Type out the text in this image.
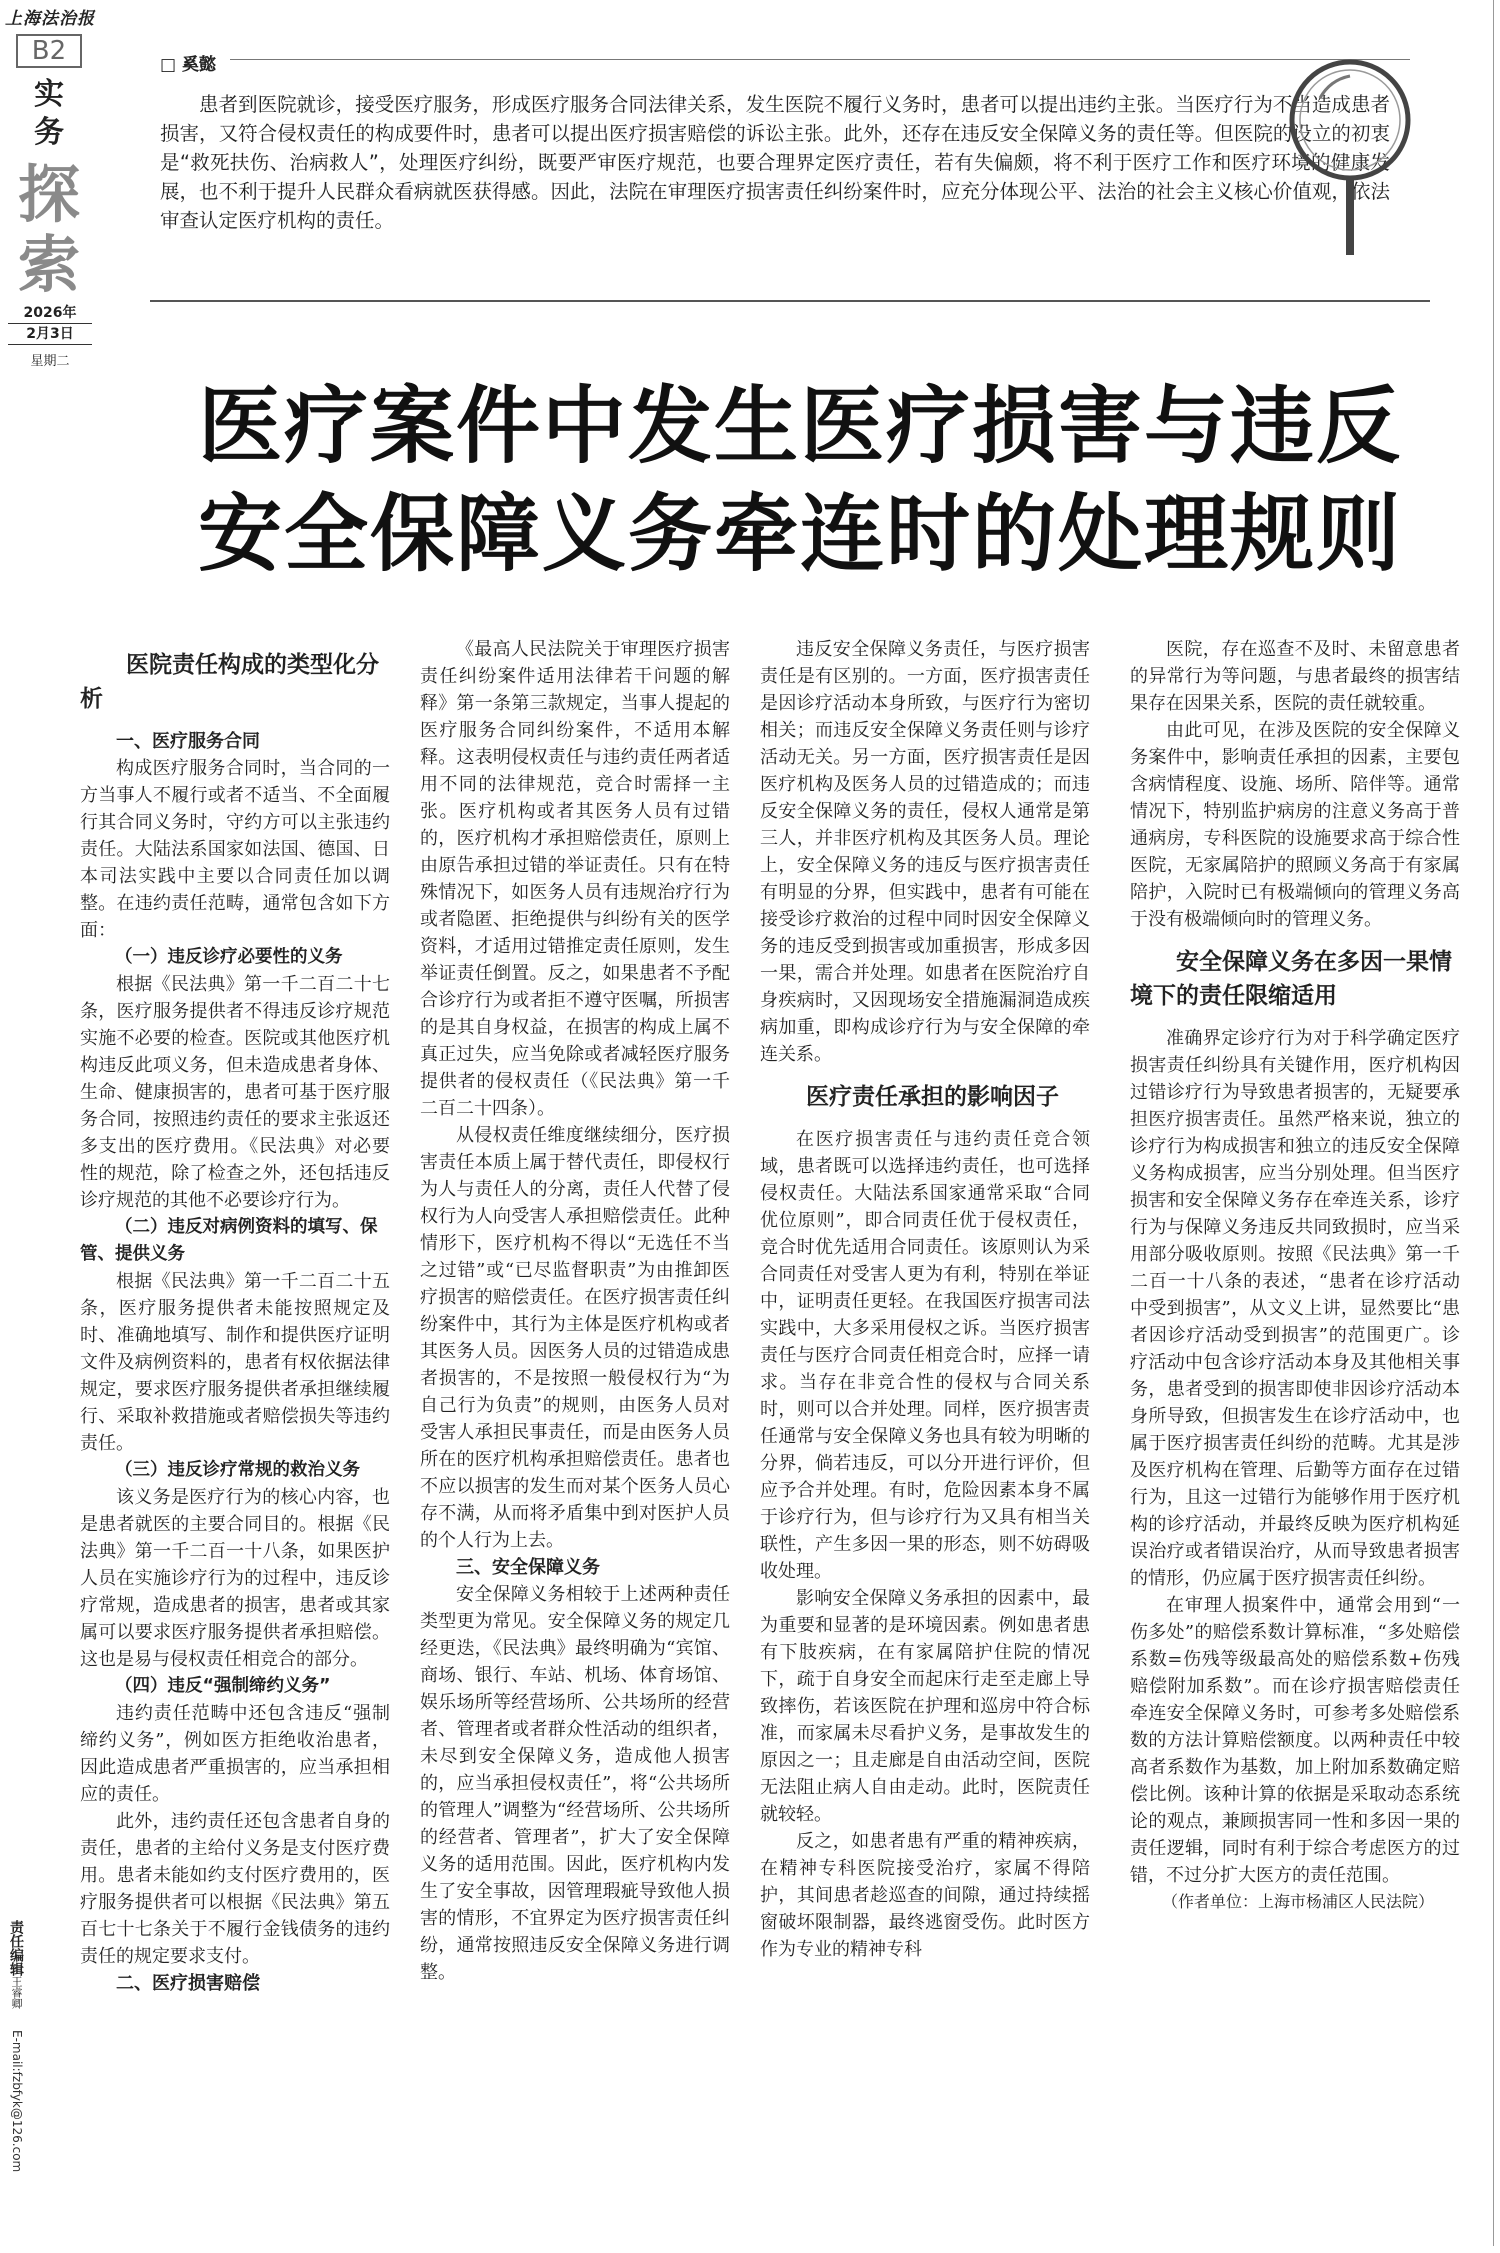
上海法治报
B2
实务
探索
2026年
2月3日
星期二
责任编辑王睿卿
E-mail:fzbfyk@126.com
□ 奚懿
患者到医院就诊，接受医疗服务，形成医疗服务合同法律关系，发生医院不履行义务时，患者可以提出违约主张。当医疗行为不当造成患者损害，又符合侵权责任的构成要件时，患者可以提出医疗损害赔偿的诉讼主张。此外，还存在违反安全保障义务的责任等。但医院的设立的初衷是“救死扶伤、治病救人”，处理医疗纠纷，既要严审医疗规范，也要合理界定医疗责任，若有失偏颇，将不利于医疗工作和医疗环境的健康发展，也不利于提升人民群众看病就医获得感。因此，法院在审理医疗损害责任纠纷案件时，应充分体现公平、法治的社会主义核心价值观，依法审查认定医疗机构的责任。
医疗案件中发生医疗损害与违反
安全保障义务牵连时的处理规则
医院责任构成的类型化分析
一、医疗服务合同

构成医疗服务合同时，当合同的一方当事人不履行或者不适当、不全面履行其合同义务时，守约方可以主张违约责任。大陆法系国家如法国、德国、日本司法实践中主要以合同责任加以调整。在违约责任范畴，通常包含如下方面：

（一）违反诊疗必要性的义务

根据《民法典》第一千二百二十七条，医疗服务提供者不得违反诊疗规范实施不必要的检查。医院或其他医疗机构违反此项义务，但未造成患者身体、生命、健康损害的，患者可基于医疗服务合同，按照违约责任的要求主张返还多支出的医疗费用。《民法典》对必要性的规范，除了检查之外，还包括违反诊疗规范的其他不必要诊疗行为。

（二）违反对病例资料的填写、保管、提供义务

根据《民法典》第一千二百二十五条，医疗服务提供者未能按照规定及时、准确地填写、制作和提供医疗证明文件及病例资料的，患者有权依据法律规定，要求医疗服务提供者承担继续履行、采取补救措施或者赔偿损失等违约责任。

（三）违反诊疗常规的救治义务

该义务是医疗行为的核心内容，也是患者就医的主要合同目的。根据《民法典》第一千二百一十八条，如果医护人员在实施诊疗行为的过程中，违反诊疗常规，造成患者的损害，患者或其家属可以要求医疗服务提供者承担赔偿。这也是易与侵权责任相竞合的部分。

（四）违反“强制缔约义务”

违约责任范畴中还包含违反“强制缔约义务”，例如医方拒绝收治患者，因此造成患者严重损害的，应当承担相应的责任。

此外，违约责任还包含患者自身的责任，患者的主给付义务是支付医疗费用。患者未能如约支付医疗费用的，医疗服务提供者可以根据《民法典》第五百七十七条关于不履行金钱债务的违约责任的规定要求支付。

二、医疗损害赔偿

《最高人民法院关于审理医疗损害责任纠纷案件适用法律若干问题的解释》第一条第三款规定，当事人提起的医疗服务合同纠纷案件，不适用本解释。这表明侵权责任与违约责任两者适用不同的法律规范，竞合时需择一主张。医疗机构或者其医务人员有过错的，医疗机构才承担赔偿责任，原则上由原告承担过错的举证责任。只有在特殊情况下，如医务人员有违规治疗行为或者隐匿、拒绝提供与纠纷有关的医学资料，才适用过错推定责任原则，发生举证责任倒置。反之，如果患者不予配合诊疗行为或者拒不遵守医嘱，所损害的是其自身权益，在损害的构成上属不真正过失，应当免除或者减轻医疗服务提供者的侵权责任（《民法典》第一千二百二十四条）。

从侵权责任维度继续细分，医疗损害责任本质上属于替代责任，即侵权行为人与责任人的分离，责任人代替了侵权行为人向受害人承担赔偿责任。此种情形下，医疗机构不得以“无选任不当之过错”或“已尽监督职责”为由推卸医疗损害的赔偿责任。在医疗损害责任纠纷案件中，其行为主体是医疗机构或者其医务人员。因医务人员的过错造成患者损害的，不是按照一般侵权行为“为自己行为负责”的规则，由医务人员对受害人承担民事责任，而是由医务人员所在的医疗机构承担赔偿责任。患者也不应以损害的发生而对某个医务人员心存不满，从而将矛盾集中到对医护人员的个人行为上去。

三、安全保障义务

安全保障义务相较于上述两种责任类型更为常见。安全保障义务的规定几经更迭，《民法典》最终明确为“宾馆、商场、银行、车站、机场、体育场馆、娱乐场所等经营场所、公共场所的经营者、管理者或者群众性活动的组织者，未尽到安全保障义务，造成他人损害的，应当承担侵权责任”，将“公共场所的管理人”调整为“经营场所、公共场所的经营者、管理者”，扩大了安全保障义务的适用范围。因此，医疗机构内发生了安全事故，因管理瑕疵导致他人损害的情形，不宜界定为医疗损害责任纠纷，通常按照违反安全保障义务进行调整。

违反安全保障义务责任，与医疗损害责任是有区别的。一方面，医疗损害责任是因诊疗活动本身所致，与医疗行为密切相关；而违反安全保障义务责任则与诊疗活动无关。另一方面，医疗损害责任是因医疗机构及医务人员的过错造成的；而违反安全保障义务的责任，侵权人通常是第三人，并非医疗机构及其医务人员。理论上，安全保障义务的违反与医疗损害责任有明显的分界，但实践中，患者有可能在接受诊疗救治的过程中同时因安全保障义务的违反受到损害或加重损害，形成多因一果，需合并处理。如患者在医院治疗自身疾病时，又因现场安全措施漏洞造成疾病加重，即构成诊疗行为与安全保障的牵连关系。

医疗责任承担的影响因子

在医疗损害责任与违约责任竞合领域，患者既可以选择违约责任，也可选择侵权责任。大陆法系国家通常采取“合同优位原则”，即合同责任优于侵权责任，竞合时优先适用合同责任。该原则认为采合同责任对受害人更为有利，特别在举证中，证明责任更轻。在我国医疗损害司法实践中，大多采用侵权之诉。当医疗损害责任与医疗合同责任相竞合时，应择一请求。当存在非竞合性的侵权与合同关系时，则可以合并处理。同样，医疗损害责任通常与安全保障义务也具有较为明晰的分界，倘若违反，可以分开进行评价，但应予合并处理。有时，危险因素本身不属于诊疗行为，但与诊疗行为又具有相当关联性，产生多因一果的形态，则不妨碍吸收处理。

影响安全保障义务承担的因素中，最为重要和显著的是环境因素。例如患者患有下肢疾病，在有家属陪护住院的情况下，疏于自身安全而起床行走至走廊上导致摔伤，若该医院在护理和巡房中符合标准，而家属未尽看护义务，是事故发生的原因之一；且走廊是自由活动空间，医院无法阻止病人自由走动。此时，医院责任就较轻。

反之，如患者患有严重的精神疾病，在精神专科医院接受治疗，家属不得陪护，其间患者趁巡查的间隙，通过持续摇窗破坏限制器，最终逃窗受伤。此时医方作为专业的精神专科

医院，存在巡查不及时、未留意患者的异常行为等问题，与患者最终的损害结果存在因果关系，医院的责任就较重。

由此可见，在涉及医院的安全保障义务案件中，影响责任承担的因素，主要包含病情程度、设施、场所、陪伴等。通常情况下，特别监护病房的注意义务高于普通病房，专科医院的设施要求高于综合性医院，无家属陪护的照顾义务高于有家属陪护，入院时已有极端倾向的管理义务高于没有极端倾向时的管理义务。

安全保障义务在多因一果情境下的责任限缩适用

准确界定诊疗行为对于科学确定医疗损害责任纠纷具有关键作用，医疗机构因过错诊疗行为导致患者损害的，无疑要承担医疗损害责任。虽然严格来说，独立的诊疗行为构成损害和独立的违反安全保障义务构成损害，应当分别处理。但当医疗损害和安全保障义务存在牵连关系，诊疗行为与保障义务违反共同致损时，应当采用部分吸收原则。按照《民法典》第一千二百一十八条的表述，“患者在诊疗活动中受到损害”，从文义上讲，显然要比“患者因诊疗活动受到损害”的范围更广。诊疗活动中包含诊疗活动本身及其他相关事务，患者受到的损害即使非因诊疗活动本身所导致，但损害发生在诊疗活动中，也属于医疗损害责任纠纷的范畴。尤其是涉及医疗机构在管理、后勤等方面存在过错行为，且这一过错行为能够作用于医疗机构的诊疗活动，并最终反映为医疗机构延误治疗或者错误治疗，从而导致患者损害的情形，仍应属于医疗损害责任纠纷。

在审理人损案件中，通常会用到“一伤多处”的赔偿系数计算标准，“多处赔偿系数=伤残等级最高处的赔偿系数+伤残赔偿附加系数”。而在诊疗损害赔偿责任牵连安全保障义务时，可参考多处赔偿系数的方法计算赔偿额度。以两种责任中较高者系数作为基数，加上附加系数确定赔偿比例。该种计算的依据是采取动态系统论的观点，兼顾损害同一性和多因一果的责任逻辑，同时有利于综合考虑医方的过错，不过分扩大医方的责任范围。

（作者单位：上海市杨浦区人民法院）
